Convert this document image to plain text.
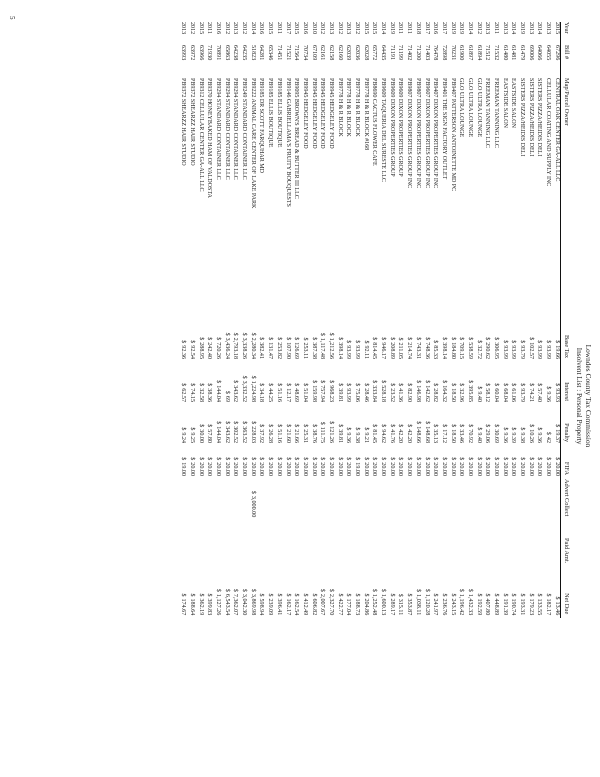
Lowndes County Tax Commission
Insolvent List : Personal Property
Year	Bill #	Map/Parcel Owner	Base Tax	Interest	Penalty	FIFA	Advert Collect	Paid Amt.	Net Due
2015	67296	CENTRAL OAK CENTER GA-ALL LLC	$19.66	$93.93	$19.37	$20.00			$13.46
2013	64055	CELLULAR COATING AND SUPPLY INC	$93.99	$9.36	$42	$20.00			$182.17
2014	64066	SISTERS PIZZA/HEIDIS DELI	$93.99	$57.40	$9.36	$20.00			$133.55
2013	69006	SISTERS PIZZA/HEIDIS DELI	$102.57	$74.21	$10.26	$20.00			$179.23
2019	61479	SISTERS PIZZA/HEIDIS DELI	$93.79	$93.79	$9.38	$20.00			$193.31
2014	61481	EASTSIDE SALON	$93.99	$61.06	$9.39	$20.00			$190.74
2013	61480	EASTSIDE SALON	$93.99	$68.04	$9.36	$20.00			$191.39
2011	71532	FREEMAN TANNING LLC	$306.95	$60.04	$30.69	$20.00			$448.89
2013	71512	FREEMAN TANNING LLC	$290.62	$58.12	$29.06	$20.00			$407.80
2012	61894	GLO ULTRA LOUNGE	$32.72	$9.40	$9.40	$20.00			$192.59
2014	61897	GLO ULTRA LOUNGE	$538.59	$395.85	$70.92	$20.00			$1,432.33
2019	61900	GLO ULTRA LOUNGE	$709.15	$32.96	$33.46	$20.00			$1,196.42
2019	70231	PB9407 PATTERSON ANTOINETTE MD PC	$184.80	$18.50	$18.50	$20.00			$243.15
2017	72898	PB9401 THE SIGN FACTORY OUTLET	$398.14	$164.32	$17.12	$20.00			$236.76
2016	76478	PB9407 DIXON PROPERTIES GROUP INC	$85.33	$28.82	$35.13	$20.00			$241.97
2017	71403	PB9607 DIXON PROPERTIES GROUP INC	$748.36	$142.62	$148.68	$20.00			$1,120.28
2018	71200	PB9807 DIXON PROPERTIES GROUP INC	$743.31	$146.98	$148.66	$20.00			$1,038.11
2011	71402	PB9807 DIXON PROPERTIES GROUP INC	$214.74	$82.90	$42.20	$20.00			$353.87
2011	71199	PB9609 DIXON PROPERTIES GROUP	$211.05	$41.36	$42.20	$20.00			$315.11
2019	71191	PB9609 DIXON PROPERTIES GROUP	$208.89	$23.52	$41.76	$20.00			$289.17
2014	64435	PB9609 TAQUERIA DEL SURESTE LLC	$946.17	$528.18	$94.62	$20.00			$1,600.13
2015	65772	PB8690 CACTUS FLOWER CAFE	$814.45	$333.84	$81.45	$20.00			$1,252.48
2015	62028	PB9778 H & R BLOCK #168	$92.11	$28.46	$9.21	$20.00			$204.86
2012	62036	PB9778 H & R BLOCK	$93.99	$75.06	$9.38	$19.00			$188.73
2013	62039	PB9778 H & R BLOCK	$93.99	$93.99	$9.36	$20.00			$177.04
2012	62160	PB9778 H & R BLOCK	$398.14	$39.81	$39.81	$20.00			$422.77
2013	62158	PB9945 HEDGELEY FOOD	$1,212.56	$968.23	$121.26	$20.00			$2,327.70
2012	62161	PB9945 HEDGELEY FOOD	$1,117.48	$757.94	$111.75	$20.00			$2,007.67
2010	67109	PB9945 HEDGELEY FOOD	$387.38	$159.98	$38.76	$20.00			$606.82
2016	70734	PB9945 HEDGELEY FOOD	$253.11	$51.04	$25.31	$20.00			$412.49
2015	71564	PB9095 BROWN'S BREAD & BUTTER III LLC	$126.69	$48.69	$21.66	$20.00			$162.54
2017	71521	PB9146 GABRIELLAMA'S FRUITY BOUQUESTS	$107.90	$12.17	$21.60	$20.00			$162.17
2011	71451	PB9185 ELLIS BOUTIQUE	$253.82	$51.16	$51.16	$20.00			$396.41
2015	65346	PB9185 ELLIS BOUTIQUE	$131.47	$44.25	$26.28	$20.00			$239.09
2016	64281	PB9185 DR SCOTT FARQUHAR MD	$382.41	$34.18	$37.92	$20.00			$598.94
2014	51823	PB9222 ANIMAL CARE CENTER OF LAKE PARK	$2,280.34	$1,224.98	$228.03	$20.00	$3,000.00		$3,869.98
2012	64235	PB9249 STANDARD CONTAINER LLC	$3,338.26	$3,332.52	$363.52	$20.00			$3,042.30
2013	64238	PB9294 STANDARD CONTAINER LLC	$2,793.18	$343.62	$302.52	$20.00			$7,362.07
2012	65863	PB9294 STANDARD CONTAINER LLC	$3,436.24	$69	$343.62	$20.00			$6,543.54
2016	70891	PB9294 STANDARD CONTAINER LLC	$720.26	$144.04	$144.04	$20.00			$1,127.26
2011	71930	PB9370 HONEYBAKED HAM OF VALDOSTA	$242.40	$38.36	$57.80	$20.00			$399.83
2015	63966	PB9312 CELLULAR CENTER GA-ALL LLC	$288.95	$32.58	$30.00	$20.00			$362.19
2012	63972	PB9372 SHEARZZ HAIR STUDIO	$92.54	$74.15	$9.25	$20.00			$188.64
2013	63993	PB9372 SHEARZZ HAIR STUDIO	$92.36	$62.57	$9.24	$19.00			$174.67
5
